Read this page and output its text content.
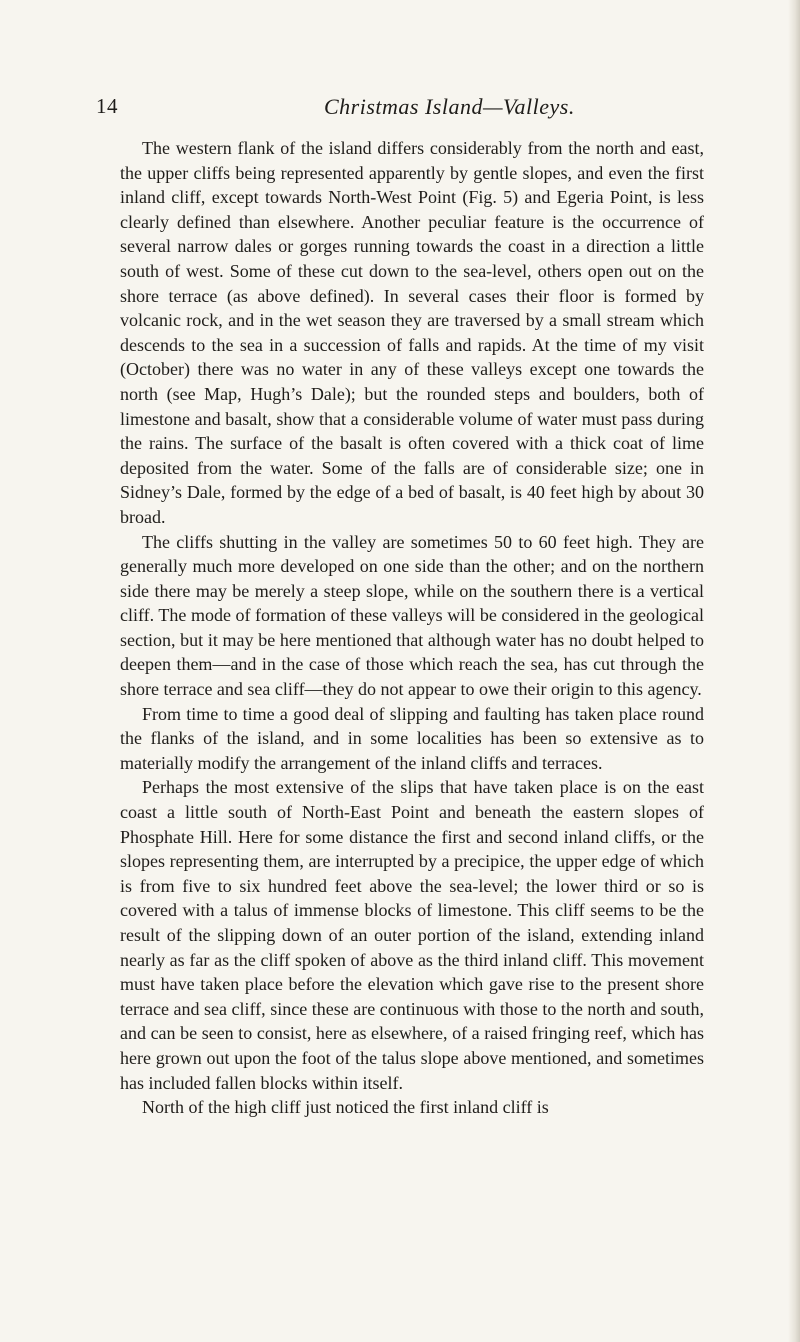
14	Christmas Island—Valleys.

The western flank of the island differs considerably from the north and east, the upper cliffs being represented apparently by gentle slopes, and even the first inland cliff, except towards North-West Point (Fig. 5) and Egeria Point, is less clearly defined than elsewhere. Another peculiar feature is the occurrence of several narrow dales or gorges running towards the coast in a direction a little south of west. Some of these cut down to the sea-level, others open out on the shore terrace (as above defined). In several cases their floor is formed by volcanic rock, and in the wet season they are traversed by a small stream which descends to the sea in a succession of falls and rapids. At the time of my visit (October) there was no water in any of these valleys except one towards the north (see Map, Hugh’s Dale); but the rounded steps and boulders, both of limestone and basalt, show that a considerable volume of water must pass during the rains. The surface of the basalt is often covered with a thick coat of lime deposited from the water. Some of the falls are of considerable size; one in Sidney’s Dale, formed by the edge of a bed of basalt, is 40 feet high by about 30 broad.

The cliffs shutting in the valley are sometimes 50 to 60 feet high. They are generally much more developed on one side than the other; and on the northern side there may be merely a steep slope, while on the southern there is a vertical cliff. The mode of formation of these valleys will be considered in the geological section, but it may be here mentioned that although water has no doubt helped to deepen them—and in the case of those which reach the sea, has cut through the shore terrace and sea cliff—they do not appear to owe their origin to this agency.

From time to time a good deal of slipping and faulting has taken place round the flanks of the island, and in some localities has been so extensive as to materially modify the arrangement of the inland cliffs and terraces.

Perhaps the most extensive of the slips that have taken place is on the east coast a little south of North-East Point and beneath the eastern slopes of Phosphate Hill. Here for some distance the first and second inland cliffs, or the slopes representing them, are interrupted by a precipice, the upper edge of which is from five to six hundred feet above the sea-level; the lower third or so is covered with a talus of immense blocks of limestone. This cliff seems to be the result of the slipping down of an outer portion of the island, extending inland nearly as far as the cliff spoken of above as the third inland cliff. This movement must have taken place before the elevation which gave rise to the present shore terrace and sea cliff, since these are continuous with those to the north and south, and can be seen to consist, here as elsewhere, of a raised fringing reef, which has here grown out upon the foot of the talus slope above mentioned, and sometimes has included fallen blocks within itself.

North of the high cliff just noticed the first inland cliff is
